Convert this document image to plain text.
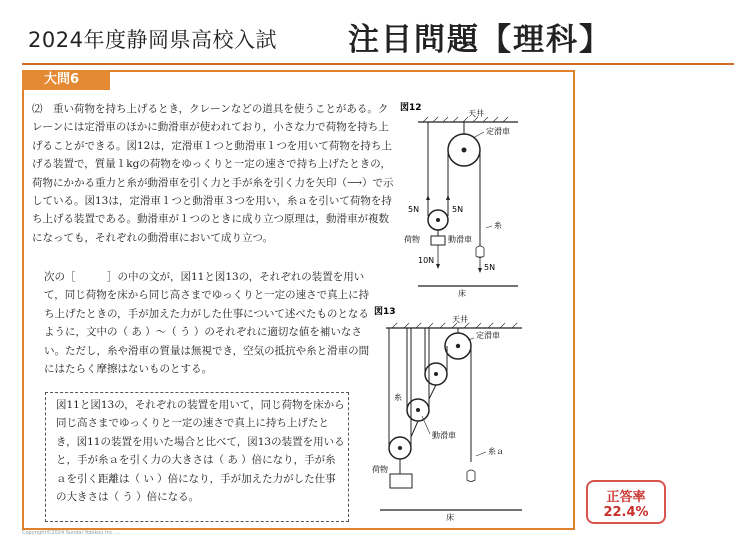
2024年度静岡県高校入試 注目問題【理科】
大問6
⑵　重い荷物を持ち上げるとき，クレーンなどの道具を使うことがある。クレーンには定滑車のほかに動滑車が使われており，小さな力で荷物を持ち上げることができる。図12は，定滑車１つと動滑車１つを用いて荷物を持ち上げる装置で，質量１kgの荷物をゆっくりと一定の速さで持ち上げたときの，荷物にかかる重力と糸が動滑車を引く力と手が糸を引く力を矢印（⟶）で示している。図13は，定滑車１つと動滑車３つを用い，糸ａを引いて荷物を持ち上げる装置である。動滑車が１つのときに成り立つ原理は，動滑車が複数になっても，それぞれの動滑車において成り立つ。
次の［　　　］の中の文が，図11と図13の，それぞれの装置を用いて，同じ荷物を床から同じ高さまでゆっくりと一定の速さで真上に持ち上げたときの，手が加えた力がした仕事について述べたものとなるように，文中の（ あ ）～（ う ）のそれぞれに適切な値を補いなさい。ただし，糸や滑車の質量は無視でき，空気の抵抗や糸と滑車の間にはたらく摩擦はないものとする。
図11と図13の，それぞれの装置を用いて，同じ荷物を床から同じ高さまでゆっくりと一定の速さで真上に持ち上げたとき，図11の装置を用いた場合と比べて，図13の装置を用いると，手が糸ａを引く力の大きさは（ あ ）倍になり，手が糸ａを引く距離は（ い ）倍になり，手が加えた力がした仕事の大きさは（ う ）倍になる。
図12
天井
定滑車
5N	5N
10N
荷物	動滑車
糸
5N
床
図13
天井
定滑車
糸
動滑車
荷物
糸ａ
床
正答率
22.4%
Copyright©2024 Sundai Yobikou Inc. ...
